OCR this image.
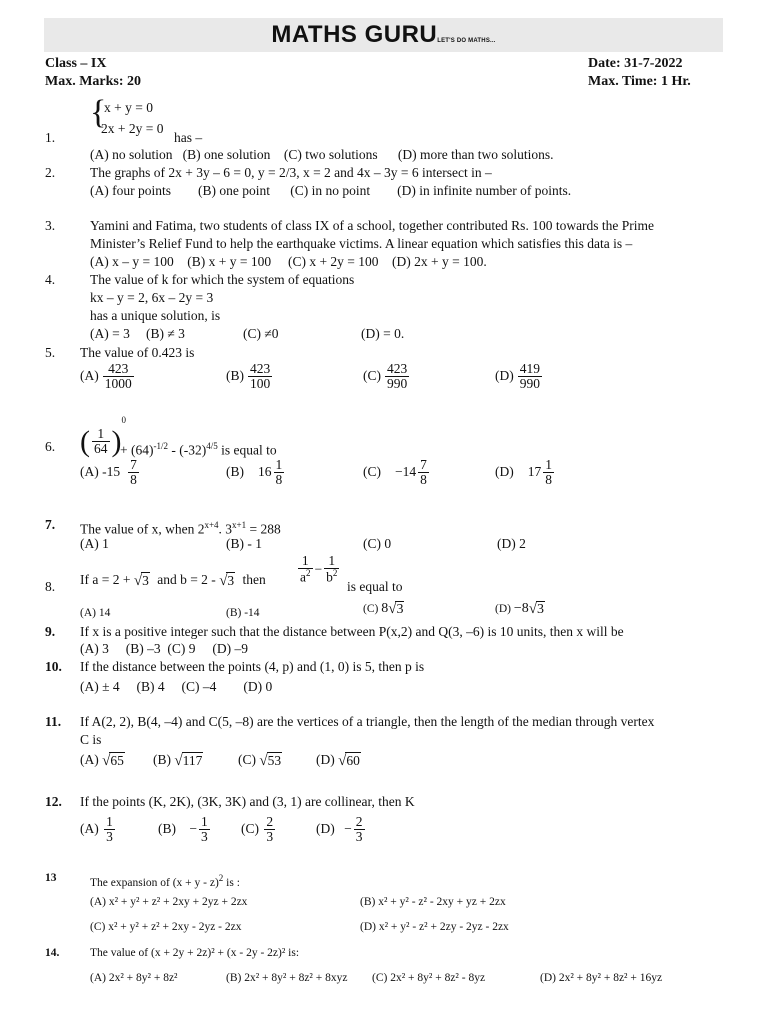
MATHS GURULET'S DO MATHS...
Class – IX
Max. Marks: 20
Date: 31-7-2022
Max. Time: 1 Hr.
1.
{
x + y = 0
2x + 2y = 0
has –
(A) no solution   (B) one solution    (C) two solutions      (D) more than two solutions.
2.	The graphs of 2x + 3y – 6 = 0, y = 2/3, x = 2 and 4x – 3y = 6 intersect in –
(A) four points        (B) one point      (C) in no point        (D) in infinite number of points.
3.	Yamini and Fatima, two students of class IX of a school, together contributed Rs. 100 towards the Prime
Minister’s Relief Fund to help the earthquake victims. A linear equation which satisfies this data is –
(A) x – y = 100    (B) x + y = 100     (C) x + 2y = 100    (D) 2x + y = 100.
4.	The value of k for which the system of equations
kx – y = 2, 6x – 2y = 3
has a unique solution, is
(A) = 3 (B) ≠ 3	(C) ≠0	(D) = 0.
5. The value of 0.423 is
$(A) \frac{423}{1000}$	$(B) \frac{423}{100}$	$(C) \frac{423}{990}$	$(D) \frac{419}{990}$
6. ( $\frac{1}{64} )^0$
+ $(64)^{-1/2} - (-32)^{4/5}$ is equal to
(A) $-15 \frac{7}{8}$	(B) $16 \frac{1}{8}$	$(C) -14 \frac{7}{8}$	(D) $17 \frac{1}{8}$
7. The value of x, when $2^{x+4}$. $3^{x+1} = 288$
(A) 1	(B) - 1	(C) 0	(D) 2
8. If a = 2 + √3 and b = 2 - √3 then $\frac{1}{a^2} - \frac{1}{b^2}$
is equal to
(A) 14	(B) -14	(C) 8√3	(D) −8√3
9. If x is a positive integer such that the distance between P(x,2) and Q(3, –6) is 10 units, then x will be
(A) 3     (B) –3  (C) 9     (D) –9
10. If the distance between the points (4, p) and (1, 0) is 5, then p is
(A) ± 4     (B) 4     (C) –4        (D) 0
11. If A(2, 2), B(4, –4) and C(5, –8) are the vertices of a triangle, then the length of the median through vertex
C is
(A) √65 (B) √117	(C) √53	(D) √60
12. If the points (K, 2K), (3K, 3K) and (3, 1) are collinear, then K
$(A) \frac{1}{3}$	$(B) - \frac{1}{3} (C) \frac{2}{3}$	$(D) - \frac{2}{3}$
13	The expansion of $(x + y - z)^2$ is :
(A) x² + y² + z² + 2xy + 2yz + 2zx	(B) x² + y² - z² - 2xy + yz + 2zx
(C) x² + y² + z² + 2xy - 2yz - 2zx	(D) x² + y² - z² + 2zy - 2yz - 2zx
14.	The value of (x + 2y + 2z)² + (x - 2y - 2z)² is:
(A) 2x² + 8y² + 8z²	(B) 2x² + 8y² + 8z² + 8xyz (C) 2x² + 8y² + 8z² - 8yz	(D) 2x² + 8y² + 8z² + 16yz
